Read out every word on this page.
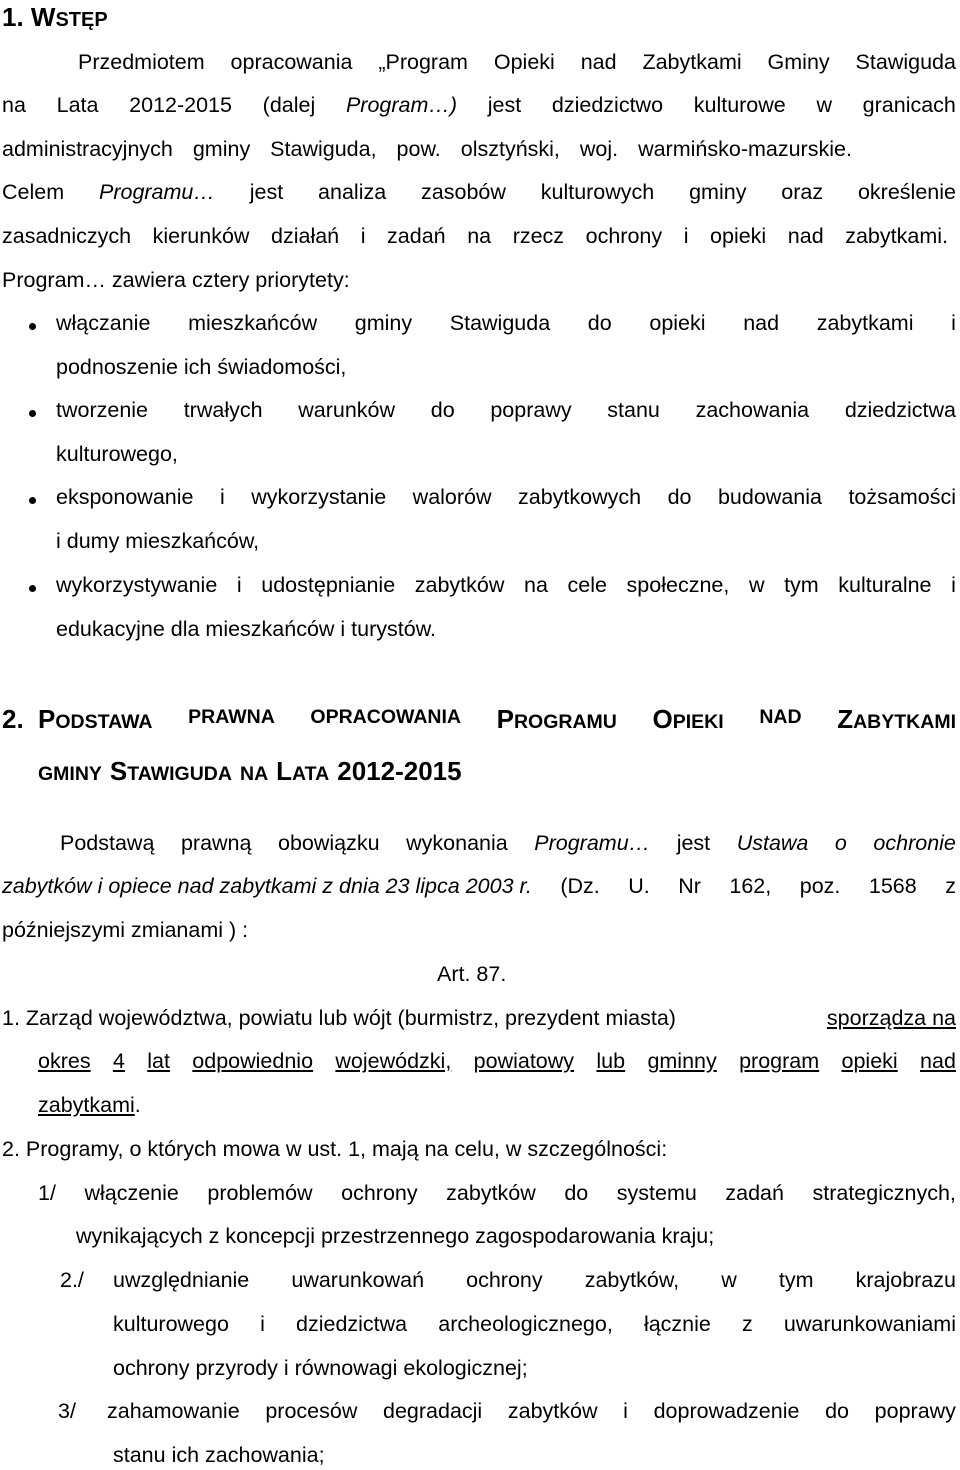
1. WSTĘP
Przedmiotem opracowania „Program Opieki nad Zabytkami Gminy Stawiguda
na Lata 2012-2015 (dalej Program…) jest dziedzictwo kulturowe w granicach
administracyjnych gminy Stawiguda, pow. olsztyński, woj. warmińsko-mazurskie.
Celem Programu… jest analiza zasobów kulturowych gminy oraz określenie
zasadniczych kierunków działań i zadań na rzecz ochrony i opieki nad zabytkami.
Program… zawiera cztery priorytety:
włączanie mieszkańców gminy Stawiguda do opieki nad zabytkami i
podnoszenie ich świadomości,
tworzenie trwałych warunków do poprawy stanu zachowania dziedzictwa
kulturowego,
eksponowanie i wykorzystanie walorów zabytkowych do budowania tożsamości
i dumy mieszkańców,
wykorzystywanie i udostępnianie zabytków na cele społeczne, w tym kulturalne i
edukacyjne dla mieszkańców i turystów.
2. PODSTAWA PRAWNA OPRACOWANIA PROGRAMU OPIEKI NAD ZABYTKAMI
GMINY STAWIGUDA NA LATA 2012-2015
Podstawą prawną obowiązku wykonania Programu… jest Ustawa o ochronie
zabytków i opiece nad zabytkami z dnia 23 lipca 2003 r. (Dz. U. Nr 162, poz. 1568 z
późniejszymi zmianami ) :
Art. 87.
1. Zarząd województwa, powiatu lub wójt (burmistrz, prezydent miasta)	sporządza na
okres 4 lat odpowiednio wojewódzki, powiatowy lub gminny program opieki nad
zabytkami.
2. Programy, o których mowa w ust. 1, mają na celu, w szczególności:
1/ włączenie problemów ochrony zabytków do systemu zadań strategicznych,
wynikających z koncepcji przestrzennego zagospodarowania kraju;
2./ uwzględnianie uwarunkowań ochrony zabytków, w tym krajobrazu
kulturowego i dziedzictwa archeologicznego, łącznie z uwarunkowaniami
ochrony przyrody i równowagi ekologicznej;
3/ zahamowanie procesów degradacji zabytków i doprowadzenie do poprawy
stanu ich zachowania;
